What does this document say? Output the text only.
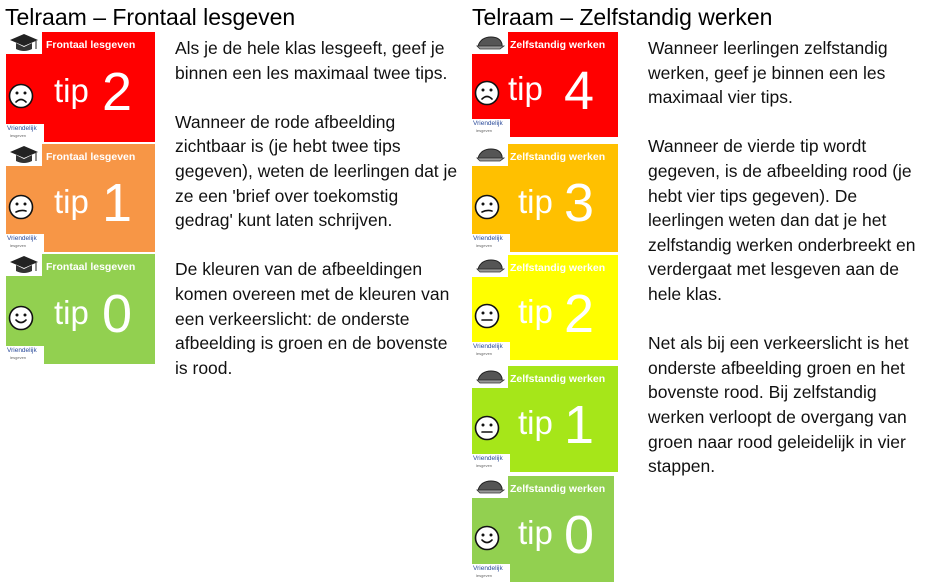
Telraam – Frontaal lesgeven
Frontaal lesgeven
tip 2
Vriendelijk
lesgeven
Frontaal lesgeven
tip 1
Vriendelijk
lesgeven
Frontaal lesgeven
tip 0
Vriendelijk
lesgeven

Als je de hele klas lesgeeft, geef je binnen een les maximaal twee tips.

Wanneer de rode afbeelding zichtbaar is (je hebt twee tips gegeven), weten de leerlingen dat je ze een 'brief over toekomstig gedrag' kunt laten schrijven.

De kleuren van de afbeeldingen komen overeen met de kleuren van een verkeerslicht: de onderste afbeelding is groen en de bovenste is rood.

Telraam – Zelfstandig werken
Zelfstandig werken
tip 4
Vriendelijk
lesgeven
Zelfstandig werken
tip 3
Vriendelijk
lesgeven
Zelfstandig werken
tip 2
Vriendelijk
lesgeven
Zelfstandig werken
tip 1
Vriendelijk
lesgeven
Zelfstandig werken
tip 0
Vriendelijk
lesgeven

Wanneer leerlingen zelfstandig werken, geef je binnen een les maximaal vier tips.

Wanneer de vierde tip wordt gegeven, is de afbeelding rood (je hebt vier tips gegeven). De leerlingen weten dan dat je het zelfstandig werken onderbreekt en verdergaat met lesgeven aan de hele klas.

Net als bij een verkeerslicht is het onderste afbeelding groen en het bovenste rood. Bij zelfstandig werken verloopt de overgang van groen naar rood geleidelijk in vier stappen.
